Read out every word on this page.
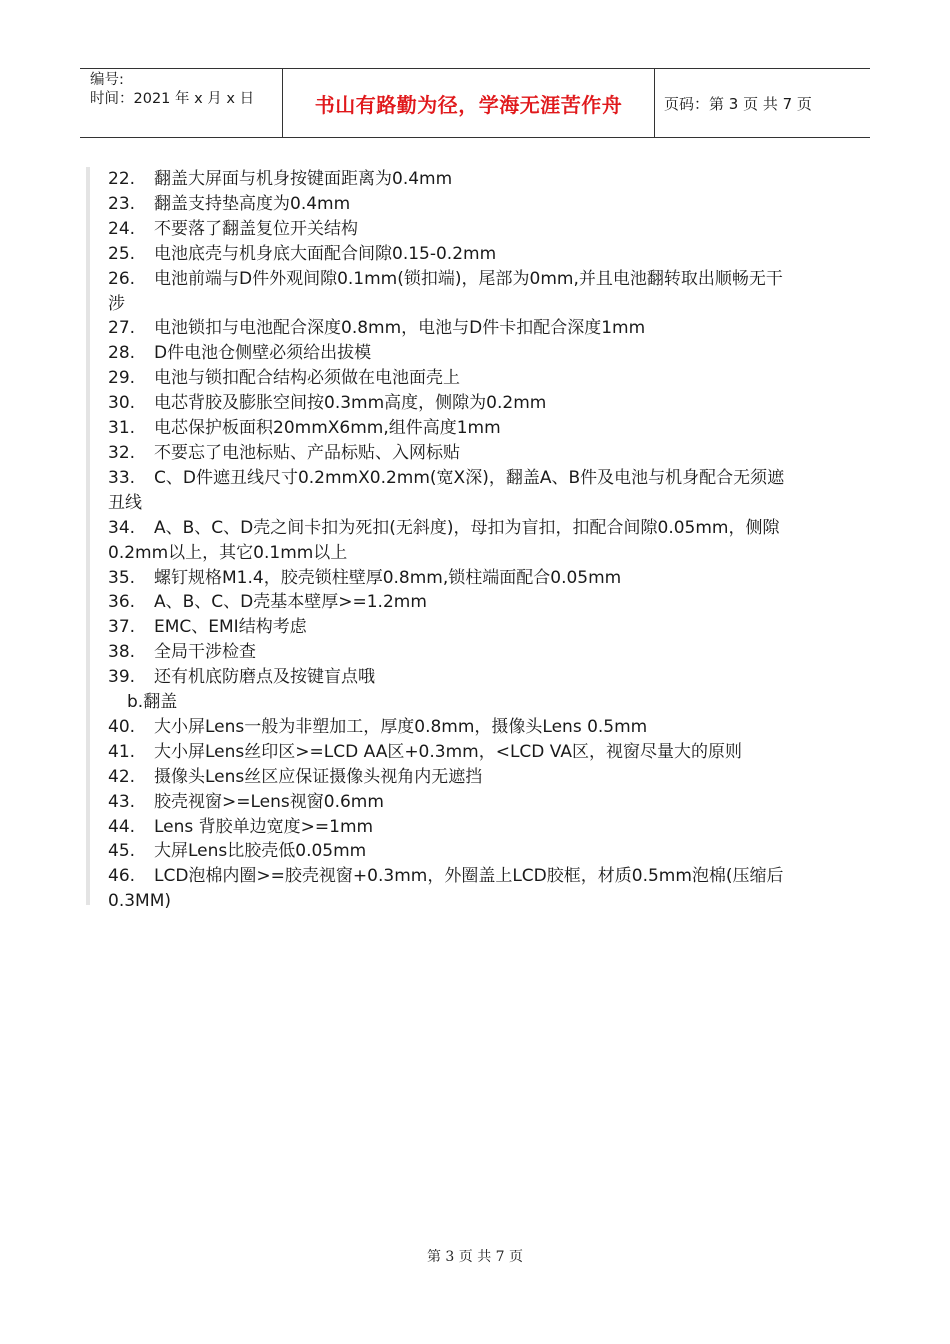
编号:
时间：2021 年 x 月 x 日	书山有路勤为径，学海无涯苦作舟	页码：第 3 页 共 7 页
22. 翻盖大屏面与机身按键面距离为0.4mm
23. 翻盖支持垫高度为0.4mm
24. 不要落了翻盖复位开关结构
25. 电池底壳与机身底大面配合间隙0.15-0.2mm
26. 电池前端与D件外观间隙0.1mm(锁扣端)，尾部为0mm,并且电池翻转取出顺畅无干
涉
27. 电池锁扣与电池配合深度0.8mm，电池与D件卡扣配合深度1mm
28. D件电池仓侧壁必须给出拔模
29. 电池与锁扣配合结构必须做在电池面壳上
30. 电芯背胶及膨胀空间按0.3mm高度，侧隙为0.2mm
31. 电芯保护板面积20mmX6mm,组件高度1mm
32. 不要忘了电池标贴、产品标贴、入网标贴
33. C、D件遮丑线尺寸0.2mmX0.2mm(宽X深)，翻盖A、B件及电池与机身配合无须遮
丑线
34. A、B、C、D壳之间卡扣为死扣(无斜度)，母扣为盲扣，扣配合间隙0.05mm，侧隙
0.2mm以上，其它0.1mm以上
35. 螺钉规格M1.4，胶壳锁柱壁厚0.8mm,锁柱端面配合0.05mm
36. A、B、C、D壳基本壁厚>=1.2mm
37. EMC、EMI结构考虑
38. 全局干涉检查
39. 还有机底防磨点及按键盲点哦
b.翻盖
40. 大小屏Lens一般为非塑加工，厚度0.8mm，摄像头Lens 0.5mm
41. 大小屏Lens丝印区>=LCD AA区+0.3mm，<LCD VA区，视窗尽量大的原则
42. 摄像头Lens丝区应保证摄像头视角内无遮挡
43. 胶壳视窗>=Lens视窗0.6mm
44. Lens 背胶单边宽度>=1mm
45. 大屏Lens比胶壳低0.05mm
46. LCD泡棉内圈>=胶壳视窗+0.3mm，外圈盖上LCD胶框，材质0.5mm泡棉(压缩后
0.3MM)
第 3 页 共 7 页
